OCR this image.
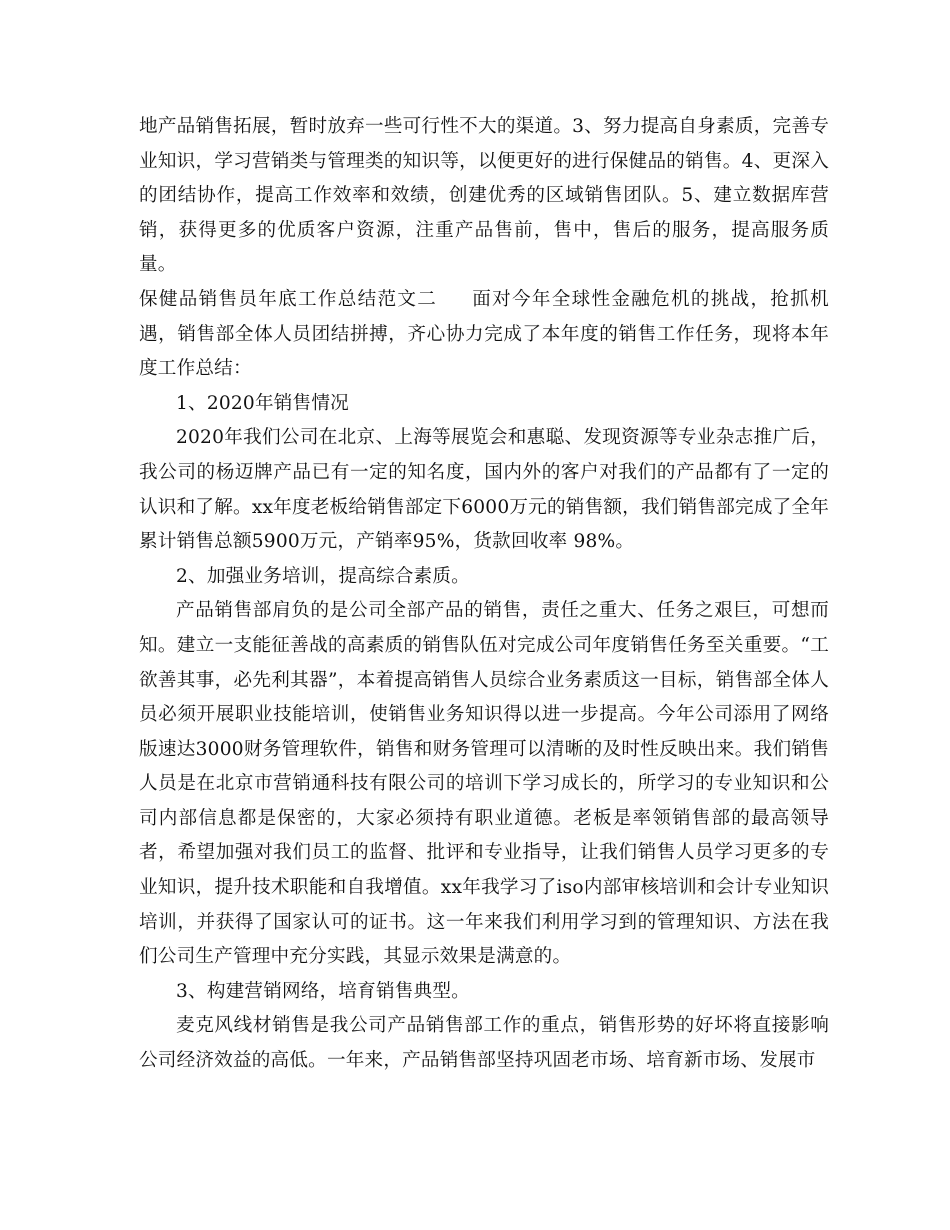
地产品销售拓展，暂时放弃一些可行性不大的渠道。3、努力提高自身素质，完善专业知识，学习营销类与管理类的知识等，以便更好的进行保健品的销售。4、更深入的团结协作，提高工作效率和效绩，创建优秀的区域销售团队。5、建立数据库营销，获得更多的优质客户资源，注重产品售前，售中，售后的服务，提高服务质量。

保健品销售员年底工作总结范文二 面对今年全球性金融危机的挑战，抢抓机遇，销售部全体人员团结拼搏，齐心协力完成了本年度的销售工作任务，现将本年度工作总结：

1、2020年销售情况

2020年我们公司在北京、上海等展览会和惠聪、发现资源等专业杂志推广后，我公司的杨迈牌产品已有一定的知名度，国内外的客户对我们的产品都有了一定的认识和了解。xx年度老板给销售部定下6000万元的销售额，我们销售部完成了全年累计销售总额5900万元，产销率95%，货款回收率 98%。

2、加强业务培训，提高综合素质。

产品销售部肩负的是公司全部产品的销售，责任之重大、任务之艰巨，可想而知。建立一支能征善战的高素质的销售队伍对完成公司年度销售任务至关重要。“工欲善其事，必先利其器”，本着提高销售人员综合业务素质这一目标，销售部全体人员必须开展职业技能培训，使销售业务知识得以进一步提高。今年公司添用了网络版速达3000财务管理软件，销售和财务管理可以清晰的及时性反映出来。我们销售人员是在北京市营销通科技有限公司的培训下学习成长的，所学习的专业知识和公司内部信息都是保密的，大家必须持有职业道德。老板是率领销售部的最高领导者，希望加强对我们员工的监督、批评和专业指导，让我们销售人员学习更多的专业知识，提升技术职能和自我增值。xx年我学习了iso内部审核培训和会计专业知识培训，并获得了国家认可的证书。这一年来我们利用学习到的管理知识、方法在我们公司生产管理中充分实践，其显示效果是满意的。

3、构建营销网络，培育销售典型。

麦克风线材销售是我公司产品销售部工作的重点，销售形势的好坏将直接影响公司经济效益的高低。一年来，产品销售部坚持巩固老市场、培育新市场、发展市
